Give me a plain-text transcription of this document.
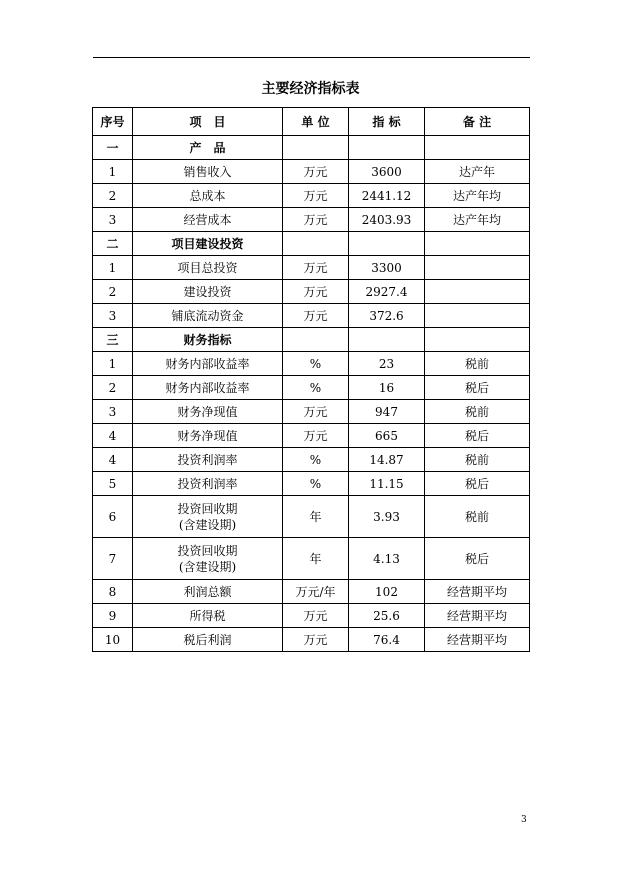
主要经济指标表
序号	项　目	单 位	指 标	备 注
一	产　品			
1	销售收入	万元	3600	达产年
2	总成本	万元	2441.12	达产年均
3	经营成本	万元	2403.93	达产年均
二	项目建设投资			
1	项目总投资	万元	3300	
2	建设投资	万元	2927.4	
3	铺底流动资金	万元	372.6	
三	财务指标			
1	财务内部收益率	%	23	税前
2	财务内部收益率	%	16	税后
3	财务净现值	万元	947	税前
4	财务净现值	万元	665	税后
4	投资利润率	%	14.87	税前
5	投资利润率	%	11.15	税后
6	投资回收期
(含建设期)	年	3.93	税前
7	投资回收期
(含建设期)	年	4.13	税后
8	利润总额	万元/年	102	经营期平均
9	所得税	万元	25.6	经营期平均
10	税后利润	万元	76.4	经营期平均
3
